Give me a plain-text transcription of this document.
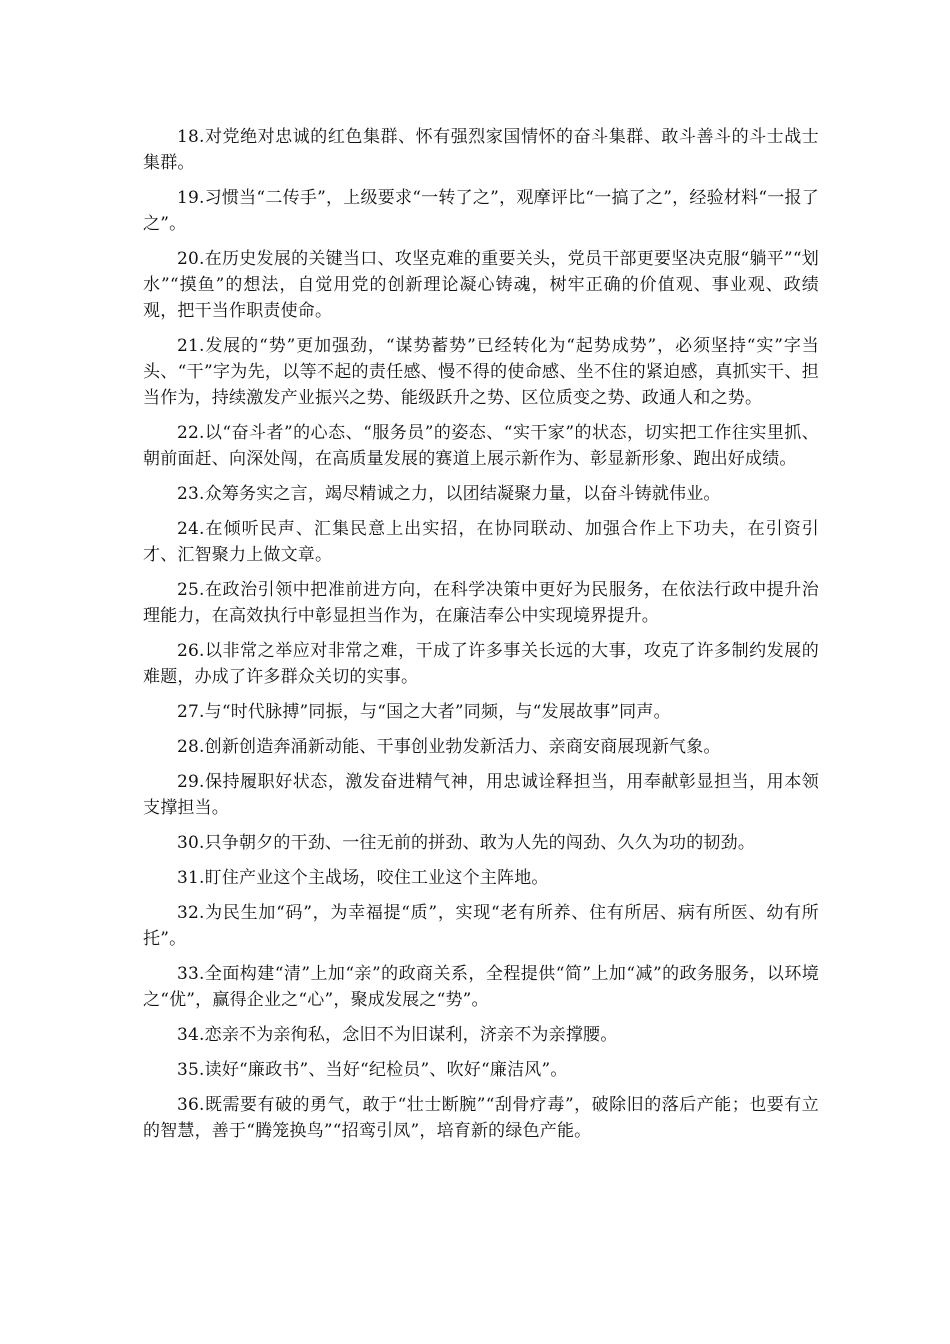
18.对党绝对忠诚的红色集群、怀有强烈家国情怀的奋斗集群、敢斗善斗的斗士战士集群。

19.习惯当“二传手”，上级要求“一转了之”，观摩评比“一搞了之”，经验材料“一报了之”。

20.在历史发展的关键当口、攻坚克难的重要关头，党员干部更要坚决克服“躺平”“划水”“摸鱼”的想法，自觉用党的创新理论凝心铸魂，树牢正确的价值观、事业观、政绩观，把干当作职责使命。

21.发展的“势”更加强劲，“谋势蓄势”已经转化为“起势成势”，必须坚持“实”字当头、“干”字为先，以等不起的责任感、慢不得的使命感、坐不住的紧迫感，真抓实干、担当作为，持续激发产业振兴之势、能级跃升之势、区位质变之势、政通人和之势。

22.以“奋斗者”的心态、“服务员”的姿态、“实干家”的状态，切实把工作往实里抓、朝前面赶、向深处闯，在高质量发展的赛道上展示新作为、彰显新形象、跑出好成绩。

23.众筹务实之言，竭尽精诚之力，以团结凝聚力量，以奋斗铸就伟业。

24.在倾听民声、汇集民意上出实招，在协同联动、加强合作上下功夫，在引资引才、汇智聚力上做文章。

25.在政治引领中把准前进方向，在科学决策中更好为民服务，在依法行政中提升治理能力，在高效执行中彰显担当作为，在廉洁奉公中实现境界提升。

26.以非常之举应对非常之难，干成了许多事关长远的大事，攻克了许多制约发展的难题，办成了许多群众关切的实事。

27.与“时代脉搏”同振，与“国之大者”同频，与“发展故事”同声。

28.创新创造奔涌新动能、干事创业勃发新活力、亲商安商展现新气象。

29.保持履职好状态，激发奋进精气神，用忠诚诠释担当，用奉献彰显担当，用本领支撑担当。

30.只争朝夕的干劲、一往无前的拼劲、敢为人先的闯劲、久久为功的韧劲。

31.盯住产业这个主战场，咬住工业这个主阵地。

32.为民生加“码”，为幸福提“质”，实现“老有所养、住有所居、病有所医、幼有所托”。

33.全面构建“清”上加“亲”的政商关系，全程提供“简”上加“减”的政务服务，以环境之“优”，赢得企业之“心”，聚成发展之“势”。

34.恋亲不为亲徇私，念旧不为旧谋利，济亲不为亲撑腰。

35.读好“廉政书”、当好“纪检员”、吹好“廉洁风”。

36.既需要有破的勇气，敢于“壮士断腕”“刮骨疗毒”，破除旧的落后产能；也要有立的智慧，善于“腾笼换鸟”“招鸾引凤”，培育新的绿色产能。
